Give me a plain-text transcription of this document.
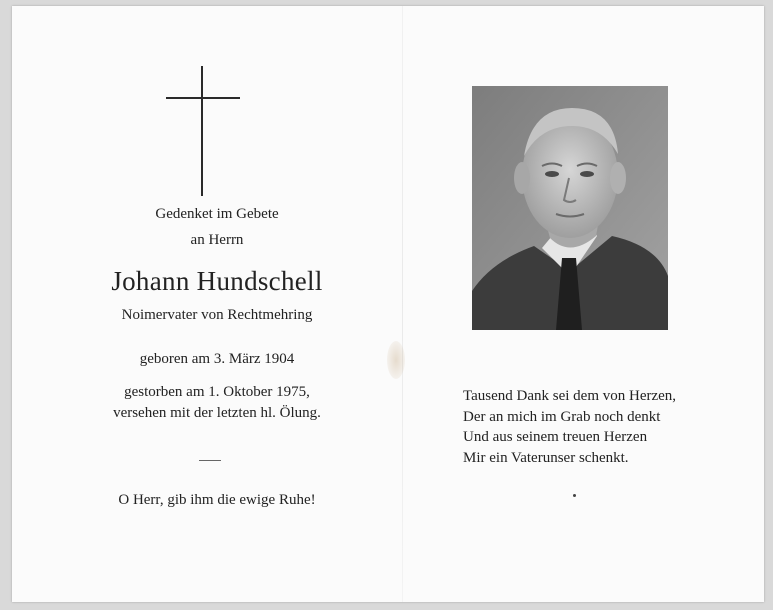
Gedenket im Gebete
an Herrn
Johann Hundschell
Noimervater von Rechtmehring
geboren am 3. März 1904
gestorben am 1. Oktober 1975,
versehen mit der letzten hl. Ölung.
O Herr, gib ihm die ewige Ruhe!
Tausend Dank sei dem von Herzen,
Der an mich im Grab noch denkt
Und aus seinem treuen Herzen
Mir ein Vaterunser schenkt.
